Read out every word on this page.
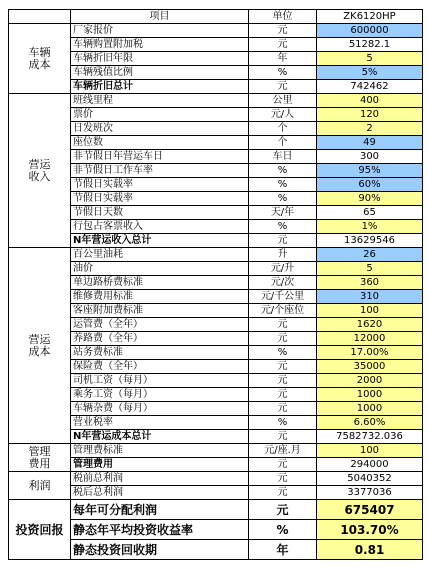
	项目	单位	ZK6120HP
车辆
成本	厂家报价	元	600000
	车辆购置附加税	元	51282.1
	车辆折旧年限	年	5
	车辆残值比例	%	5%
	车辆折旧总计	元	742462
营运
收入	班线里程	公里	400
	票价	元/人	120
	日发班次	个	2
	座位数	个	49
	非节假日年营运车日	车日	300
	非节假日工作车率	%	95%
	节假日实载率	%	60%
	节假日实载率	%	90%
	节假日天数	天/年	65
	行包占客票收入	%	1%
	N年营运收入总计	元	13629546
营运
成本	百公里油耗	升	26
	油价	元/升	5
	单边路桥费标准	元/次	360
	维修费用标准	元/千公里	310
	客座附加费标准	元/个座位	100
	运管费（全年）	元	1620
	养路费（全年）	元	12000
	站务费标准	%	17.00%
	保险费（全年）	元	35000
	司机工资（每月）	元	2000
	乘务工资（每月）	元	1000
	车辆杂费（每月）	元	1000
	营业税率	%	6.60%
	N年营运成本总计	元	7582732.036
管理
费用	管理费标准	元/座.月	100
	管理费用	元	294000
利润	税前总利润	元	5040352
	税后总利润	元	3377036
投资回报	每年可分配利润	元	675407
	静态年平均投资收益率	%	103.70%
	静态投资回收期	年	0.81
